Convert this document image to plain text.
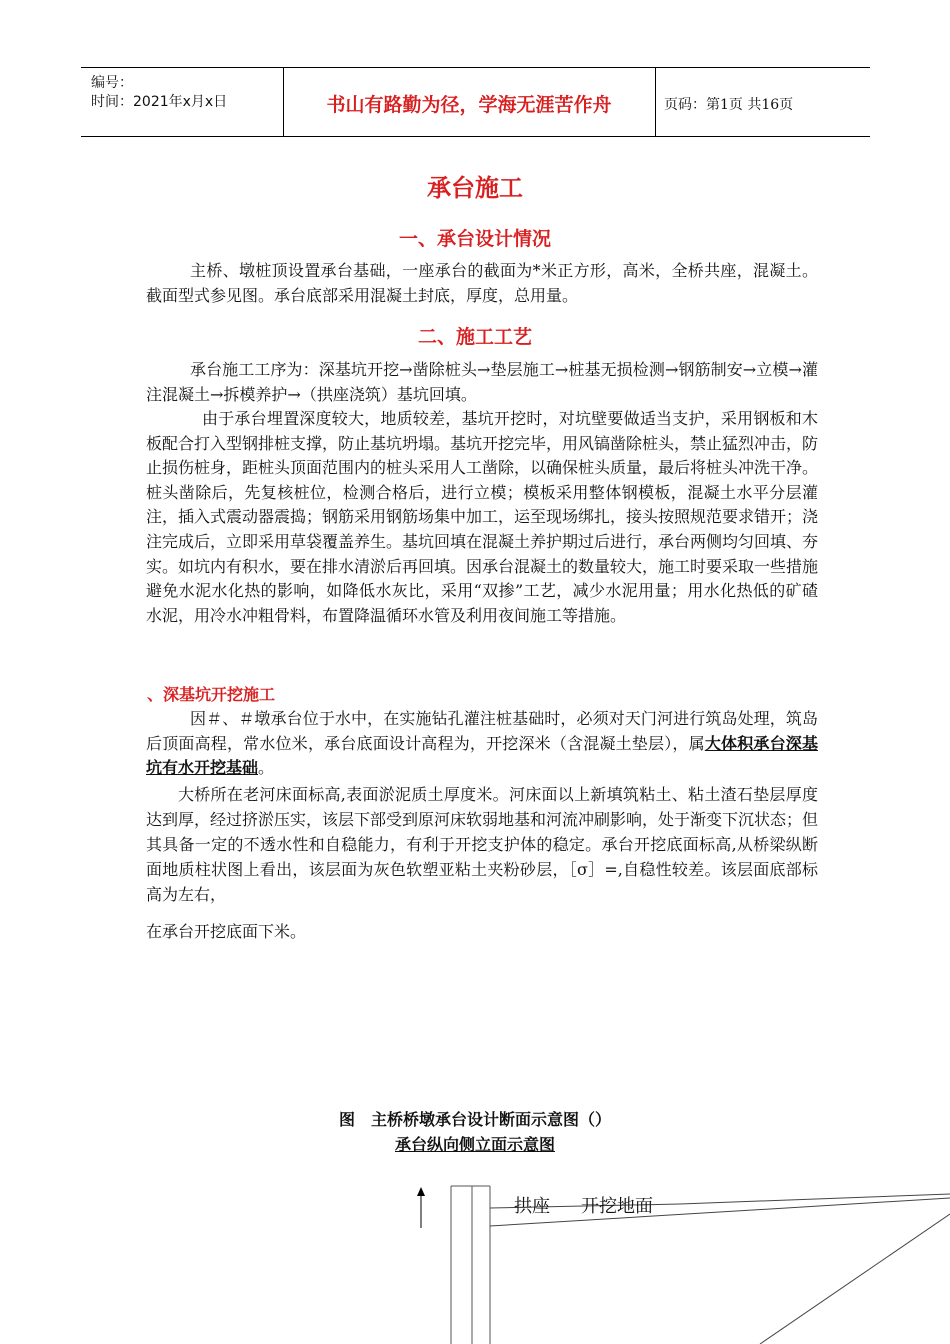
编号：
时间：2021年x月x日	书山有路勤为径，学海无涯苦作舟	页码：第1页 共16页
承台施工
一、承台设计情况
主桥、墩桩顶设置承台基础，一座承台的截面为*米正方形，高米，全桥共座，混凝土。截面型式参见图。承台底部采用混凝土封底，厚度，总用量。
二、施工工艺
承台施工工序为：深基坑开挖→凿除桩头→垫层施工→桩基无损检测→钢筋制安→立模→灌注混凝土→拆模养护→（拱座浇筑）基坑回填。
由于承台埋置深度较大，地质较差，基坑开挖时，对坑壁要做适当支护，采用钢板和木板配合打入型钢排桩支撑，防止基坑坍塌。基坑开挖完毕，用风镐凿除桩头，禁止猛烈冲击，防止损伤桩身，距桩头顶面范围内的桩头采用人工凿除，以确保桩头质量，最后将桩头冲洗干净。桩头凿除后，先复核桩位，检测合格后，进行立模；模板采用整体钢模板，混凝土水平分层灌注，插入式震动器震捣；钢筋采用钢筋场集中加工，运至现场绑扎，接头按照规范要求错开；浇注完成后，立即采用草袋覆盖养生。基坑回填在混凝土养护期过后进行，承台两侧均匀回填、夯实。如坑内有积水，要在排水清淤后再回填。因承台混凝土的数量较大，施工时要采取一些措施避免水泥水化热的影响，如降低水灰比，采用“双掺”工艺，减少水泥用量；用水化热低的矿碴水泥，用冷水冲粗骨料，布置降温循环水管及利用夜间施工等措施。
、深基坑开挖施工
因＃、＃墩承台位于水中，在实施钻孔灌注桩基础时，必须对天门河进行筑岛处理，筑岛后顶面高程，常水位米，承台底面设计高程为，开挖深米（含混凝土垫层），属大体积承台深基坑有水开挖基础。
大桥所在老河床面标高,表面淤泥质土厚度米。河床面以上新填筑粘土、粘土渣石垫层厚度达到厚，经过挤淤压实，该层下部受到原河床软弱地基和河流冲刷影响，处于渐变下沉状态；但其具备一定的不透水性和自稳能力，有利于开挖支护体的稳定。承台开挖底面标高,从桥梁纵断面地质柱状图上看出，该层面为灰色软塑亚粘土夹粉砂层，［σ］=,自稳性较差。该层面底部标高为左右，
在承台开挖底面下米。
图　主桥桥墩承台设计断面示意图（）
承台纵向侧立面示意图
拱座 开挖地面
